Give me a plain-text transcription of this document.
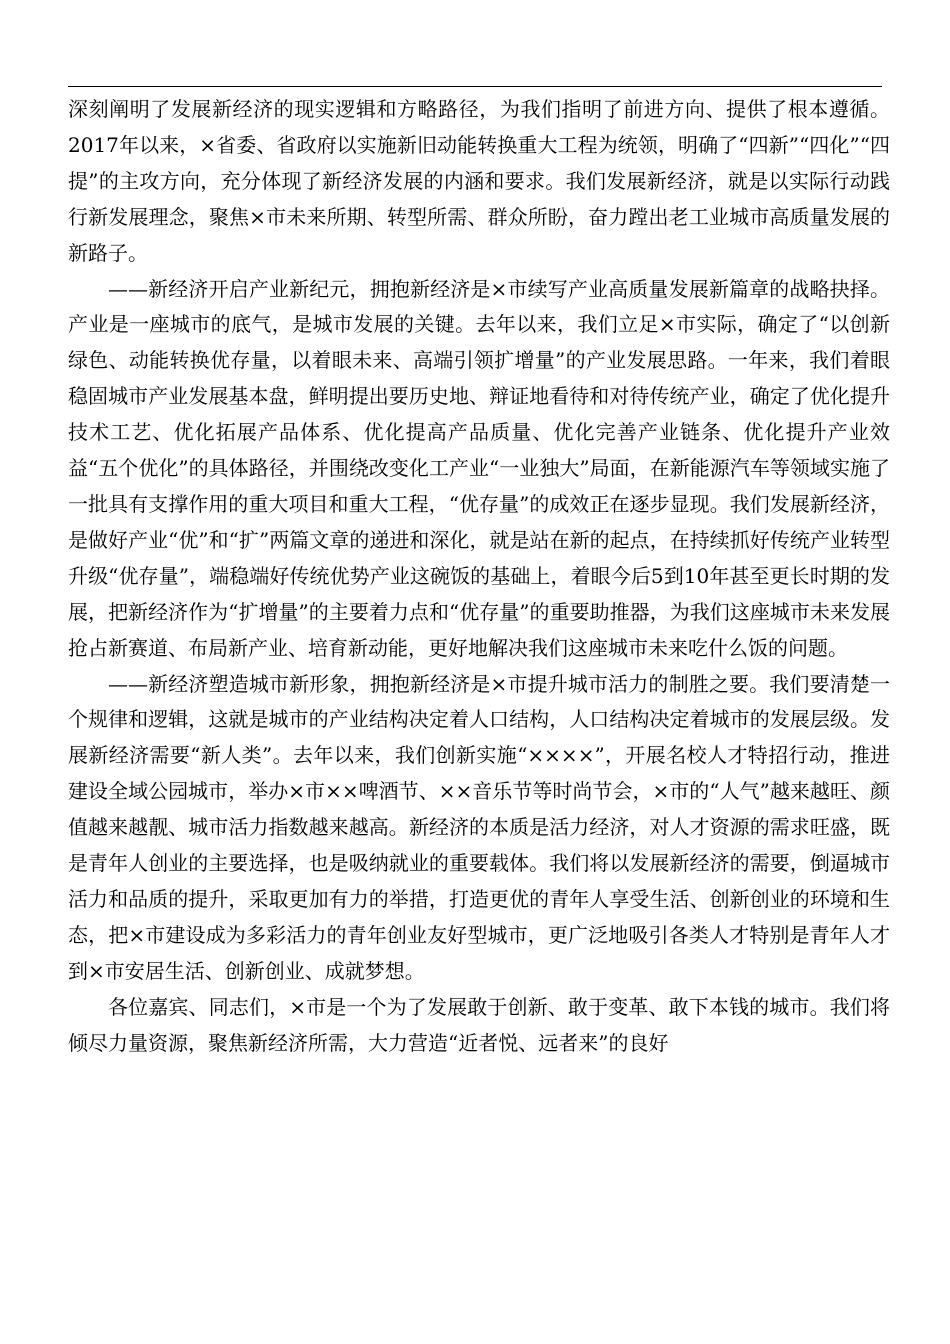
深刻阐明了发展新经济的现实逻辑和方略路径，为我们指明了前进方向、提供了根本遵循。2017年以来，×省委、省政府以实施新旧动能转换重大工程为统领，明确了“四新”“四化”“四提”的主攻方向，充分体现了新经济发展的内涵和要求。我们发展新经济，就是以实际行动践行新发展理念，聚焦×市未来所期、转型所需、群众所盼，奋力蹚出老工业城市高质量发展的新路子。

——新经济开启产业新纪元，拥抱新经济是×市续写产业高质量发展新篇章的战略抉择。产业是一座城市的底气，是城市发展的关键。去年以来，我们立足×市实际，确定了“以创新绿色、动能转换优存量，以着眼未来、高端引领扩增量”的产业发展思路。一年来，我们着眼稳固城市产业发展基本盘，鲜明提出要历史地、辩证地看待和对待传统产业，确定了优化提升技术工艺、优化拓展产品体系、优化提高产品质量、优化完善产业链条、优化提升产业效益“五个优化”的具体路径，并围绕改变化工产业“一业独大”局面，在新能源汽车等领域实施了一批具有支撑作用的重大项目和重大工程，“优存量”的成效正在逐步显现。我们发展新经济，是做好产业“优”和“扩”两篇文章的递进和深化，就是站在新的起点，在持续抓好传统产业转型升级“优存量”，端稳端好传统优势产业这碗饭的基础上，着眼今后5到10年甚至更长时期的发展，把新经济作为“扩增量”的主要着力点和“优存量”的重要助推器，为我们这座城市未来发展抢占新赛道、布局新产业、培育新动能，更好地解决我们这座城市未来吃什么饭的问题。

——新经济塑造城市新形象，拥抱新经济是×市提升城市活力的制胜之要。我们要清楚一个规律和逻辑，这就是城市的产业结构决定着人口结构，人口结构决定着城市的发展层级。发展新经济需要“新人类”。去年以来，我们创新实施“××××”，开展名校人才特招行动，推进建设全域公园城市，举办×市××啤酒节、××音乐节等时尚节会，×市的“人气”越来越旺、颜值越来越靓、城市活力指数越来越高。新经济的本质是活力经济，对人才资源的需求旺盛，既是青年人创业的主要选择，也是吸纳就业的重要载体。我们将以发展新经济的需要，倒逼城市活力和品质的提升，采取更加有力的举措，打造更优的青年人享受生活、创新创业的环境和生态，把×市建设成为多彩活力的青年创业友好型城市，更广泛地吸引各类人才特别是青年人才到×市安居生活、创新创业、成就梦想。

各位嘉宾、同志们，×市是一个为了发展敢于创新、敢于变革、敢下本钱的城市。我们将倾尽力量资源，聚焦新经济所需，大力营造“近者悦、远者来”的良好
